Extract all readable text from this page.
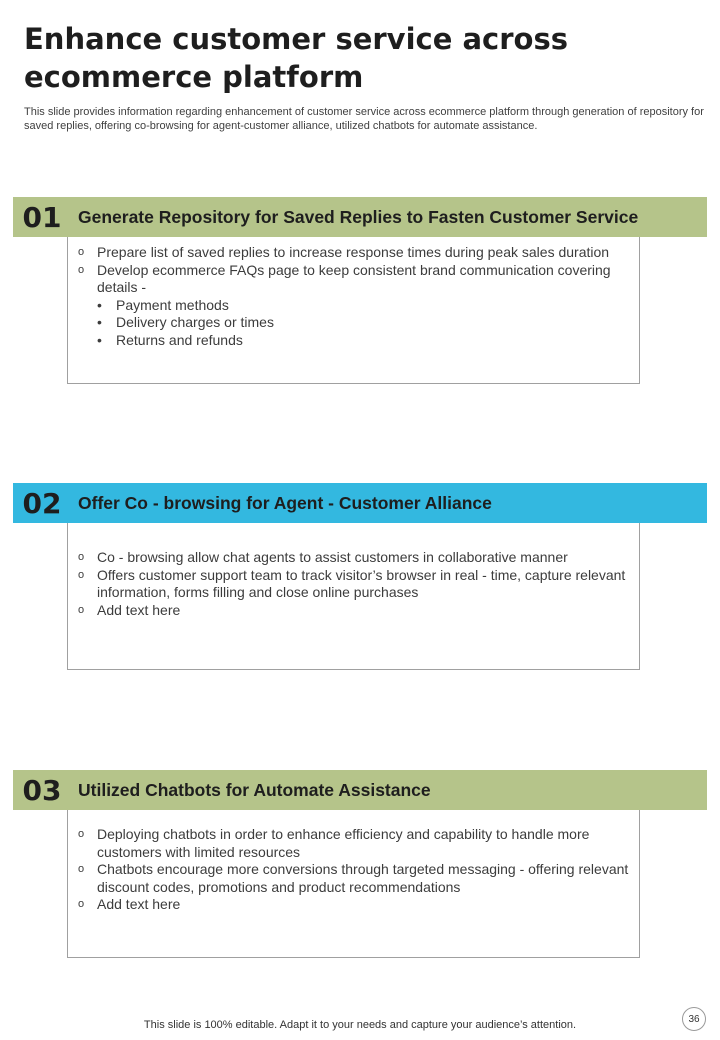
Enhance customer service across ecommerce platform
This slide provides information regarding enhancement of customer service across ecommerce platform through generation of repository for saved replies, offering co-browsing for agent-customer alliance, utilized chatbots for automate assistance.
01 Generate Repository for Saved Replies to Fasten Customer Service
o Prepare list of saved replies to increase response times during peak sales duration
o Develop ecommerce FAQs page to keep consistent brand communication covering details -
• Payment methods
• Delivery charges or times
• Returns and refunds
02 Offer Co - browsing for Agent - Customer Alliance
o Co - browsing allow chat agents to assist customers in collaborative manner
o Offers customer support team to track visitor’s browser in real - time, capture relevant information, forms filling and close online purchases
o Add text here
03 Utilized Chatbots for Automate Assistance
o Deploying chatbots in order to enhance efficiency and capability to handle more customers with limited resources
o Chatbots encourage more conversions through targeted messaging - offering relevant discount codes, promotions and product recommendations
o Add text here
This slide is 100% editable. Adapt it to your needs and capture your audience’s attention.	36
